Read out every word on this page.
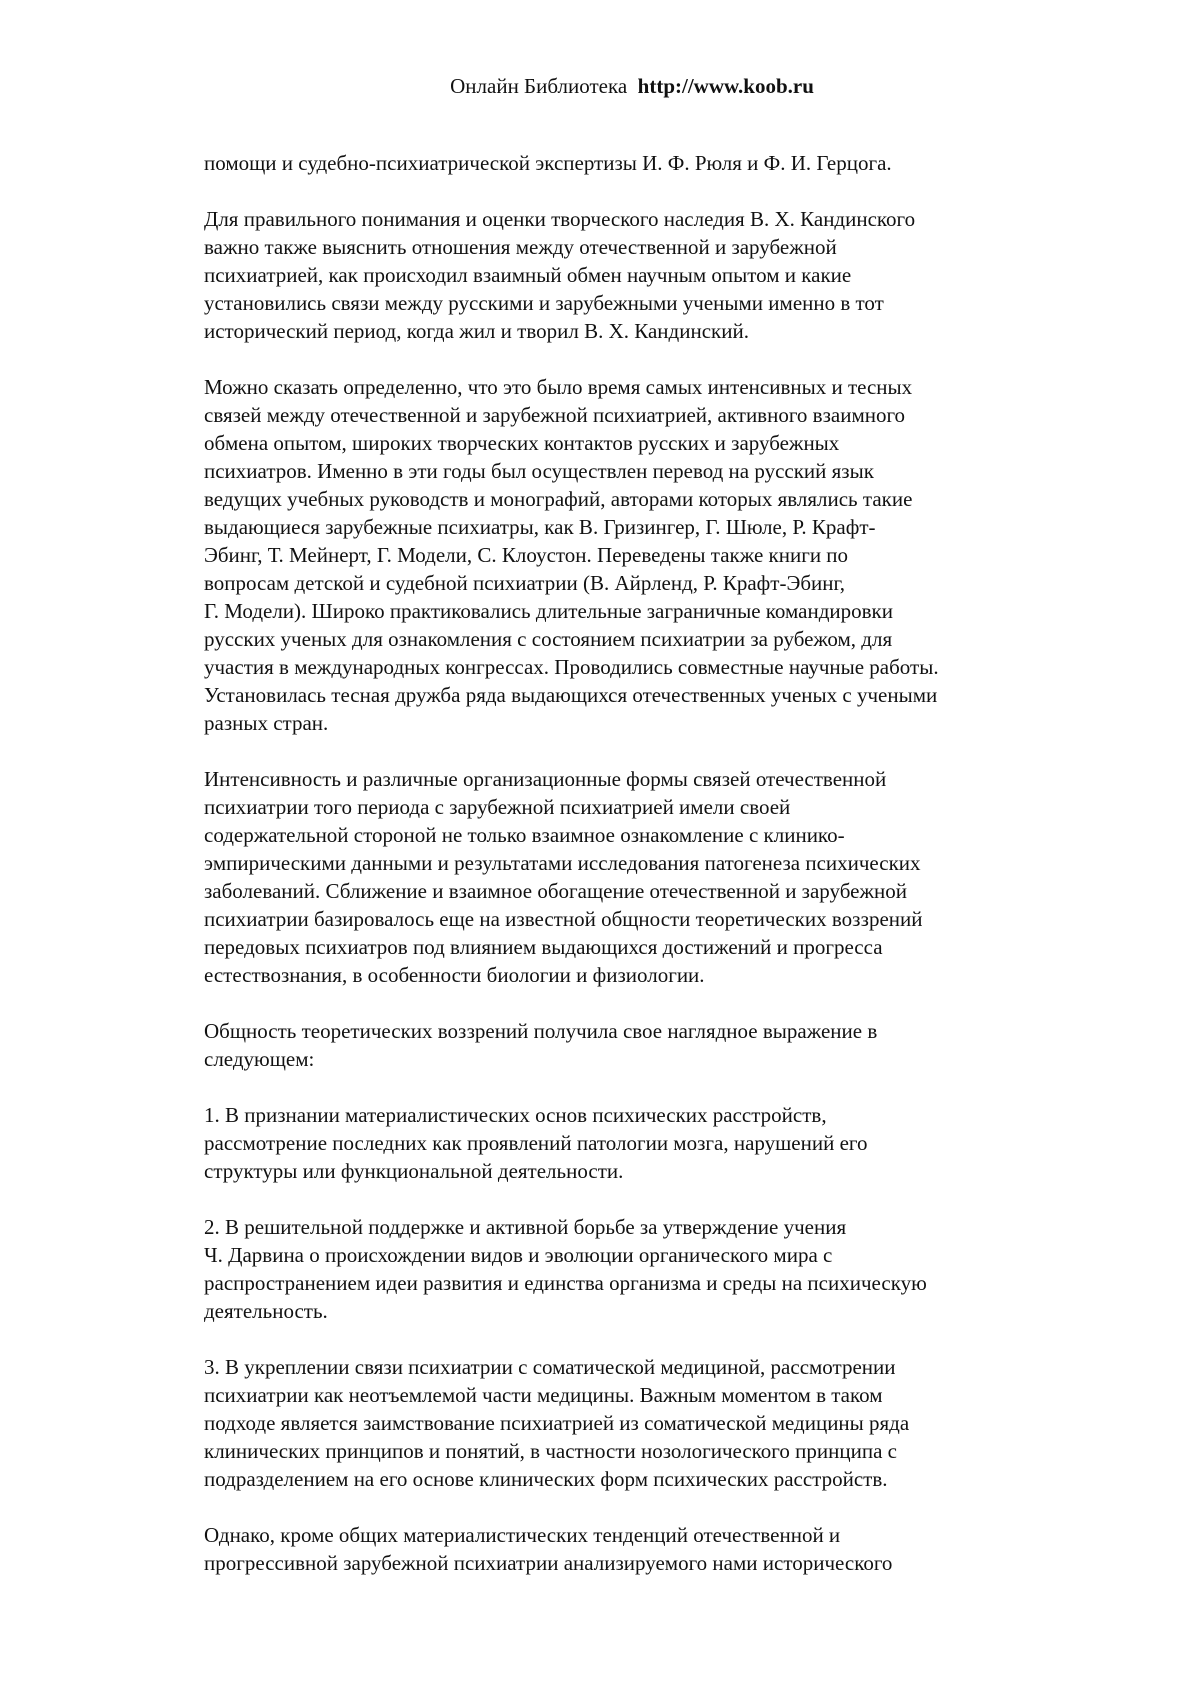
Онлайн Библиотека http://www.koob.ru
помощи и судебно-психиатрической экспертизы И. Ф. Рюля и Ф. И. Герцога.
Для правильного понимания и оценки творческого наследия В. Х. Кандинского
важно также выяснить отношения между отечественной и зарубежной
психиатрией, как происходил взаимный обмен научным опытом и какие
установились связи между русскими и зарубежными учеными именно в тот
исторический период, когда жил и творил В. Х. Кандинский.
Можно сказать определенно, что это было время самых интенсивных и тесных
связей между отечественной и зарубежной психиатрией, активного взаимного
обмена опытом, широких творческих контактов русских и зарубежных
психиатров. Именно в эти годы был осуществлен перевод на русский язык
ведущих учебных руководств и монографий, авторами которых являлись такие
выдающиеся зарубежные психиатры, как В. Гризингер, Г. Шюле, Р. Крафт-
Эбинг, Т. Мейнерт, Г. Модели, С. Клоустон. Переведены также книги по
вопросам детской и судебной психиатрии (В. Айрленд, Р. Крафт-Эбинг,
Г. Модели). Широко практиковались длительные заграничные командировки
русских ученых для ознакомления с состоянием психиатрии за рубежом, для
участия в международных конгрессах. Проводились совместные научные работы.
Установилась тесная дружба ряда выдающихся отечественных ученых с учеными
разных стран.
Интенсивность и различные организационные формы связей отечественной
психиатрии того периода с зарубежной психиатрией имели своей
содержательной стороной не только взаимное ознакомление с клинико-
эмпирическими данными и результатами исследования патогенеза психических
заболеваний. Сближение и взаимное обогащение отечественной и зарубежной
психиатрии базировалось еще на известной общности теоретических воззрений
передовых психиатров под влиянием выдающихся достижений и прогресса
естествознания, в особенности биологии и физиологии.
Общность теоретических воззрений получила свое наглядное выражение в
следующем:
1. В признании материалистических основ психических расстройств,
рассмотрение последних как проявлений патологии мозга, нарушений его
структуры или функциональной деятельности.
2. В решительной поддержке и активной борьбе за утверждение учения
Ч. Дарвина о происхождении видов и эволюции органического мира с
распространением идеи развития и единства организма и среды на психическую
деятельность.
3. В укреплении связи психиатрии с соматической медициной, рассмотрении
психиатрии как неотъемлемой части медицины. Важным моментом в таком
подходе является заимствование психиатрией из соматической медицины ряда
клинических принципов и понятий, в частности нозологического принципа с
подразделением на его основе клинических форм психических расстройств.
Однако, кроме общих материалистических тенденций отечественной и
прогрессивной зарубежной психиатрии анализируемого нами исторического
